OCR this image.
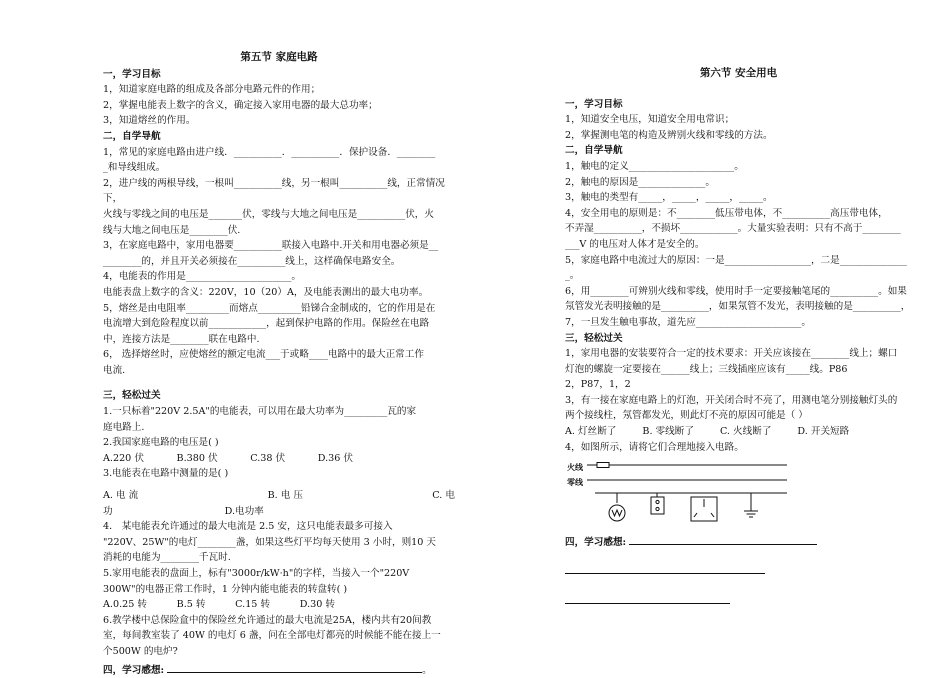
第五节 家庭电路
一，学习目标
1，知道家庭电路的组成及各部分电路元件的作用；
2，掌握电能表上数字的含义，确定接入家用电器的最大总功率；
3，知道熔丝的作用。
二，自学导航
1，常见的家庭电路由进户线．__________．__________．保护设备．________
_和导线组成。
2，进户线的两根导线，一根叫__________线，另一根叫__________线，正常情况下，
火线与零线之间的电压是_______伏，零线与大地之间电压是__________伏，火
线与大地之间电压是________伏.
3，在家庭电路中，家用电器要__________联接入电路中.开关和用电器必须是__
________的，并且开关必须接在__________线上，这样确保电路安全。
4，电能表的作用是______________________。
电能表盘上数字的含义：220V，10（20）A，及电能表测出的最大电功率。
5，熔丝是由电阻率_________而熔点_________铅锑合金制成的，它的作用是在
电流增大到危险程度以前____________，起到保护电路的作用。保险丝在电路
中，连接方法是________联在电路中.
6， 选择熔丝时，应使熔丝的额定电流___于或略____电路中的最大正常工作
电流.
三，轻松过关
1.一只标着"220V 2.5A"的电能表，可以用在最大功率为_________瓦的家
庭电路上.
2.我国家庭电路的电压是( )
A.220 伏	B.380 伏	C.38 伏	D.36 伏
3.电能表在电路中测量的是( )
A. 电 流	B. 电 压	C. 电
功	D.电功率
4． 某电能表允许通过的最大电流是 2.5 安，这只电能表最多可接入
"220V、25W"的电灯________盏，如果这些灯平均每天使用 3 小时，则10 天
消耗的电能为________千瓦时.
5.家用电能表的盘面上，标有"3000r/kW·h"的字样，当接入一个"220V
300W"的电器正常工作时，1 分钟内能电能表的转盘转( )
A.0.25 转	B.5 转	C.15 转	D.30 转
6.教学楼中总保险盒中的保险丝允许通过的最大电流是25A，楼内共有20间教
室，每间教室装了 40W 的电灯 6 盏，问在全部电灯都亮的时候能不能在接上一
个500W 的电炉?
四，学习感想:	。
第六节 安全用电
一，学习目标
1，知道安全电压，知道安全用电常识；
2，掌握测电笔的构造及辨别火线和零线的方法。
二，自学导航
1，触电的定义______________________。
2，触电的原因是______________。
3，触电的类型有_____，_____，_____，_____。
4，安全用电的原则是：不________低压带电体，不__________高压带电体，
不弄湿__________，不损坏____________。大量实验表明：只有不高于________
___V 的电压对人体才是安全的。
5，家庭电路中电流过大的原因：一是__________________，二是______________
_。
6，用________可辨别火线和零线，使用时手一定要接触笔尾的__________。如果
氖管发光表明接触的是__________，如果氖管不发光，表明接触的是__________，
7，一旦发生触电事故，道先应______________________。
三，轻松过关
1，家用电器的安装要符合一定的技术要求：开关应该接在________线上；螺口
灯泡的螺旋一定要接在______线上；三线插座应该有_____线。P86
2，P87，1，2
3，有一接在家庭电路上的灯泡，开关闭合时不亮了，用测电笔分别接触灯头的
两个接线柱，氖管都发光，则此灯不亮的原因可能是（ ）
A. 灯丝断了	B. 零线断了	C. 火线断了	D. 开关短路
4，如图所示，请将它们合理地接入电路。
火线
零线
四，学习感想:
